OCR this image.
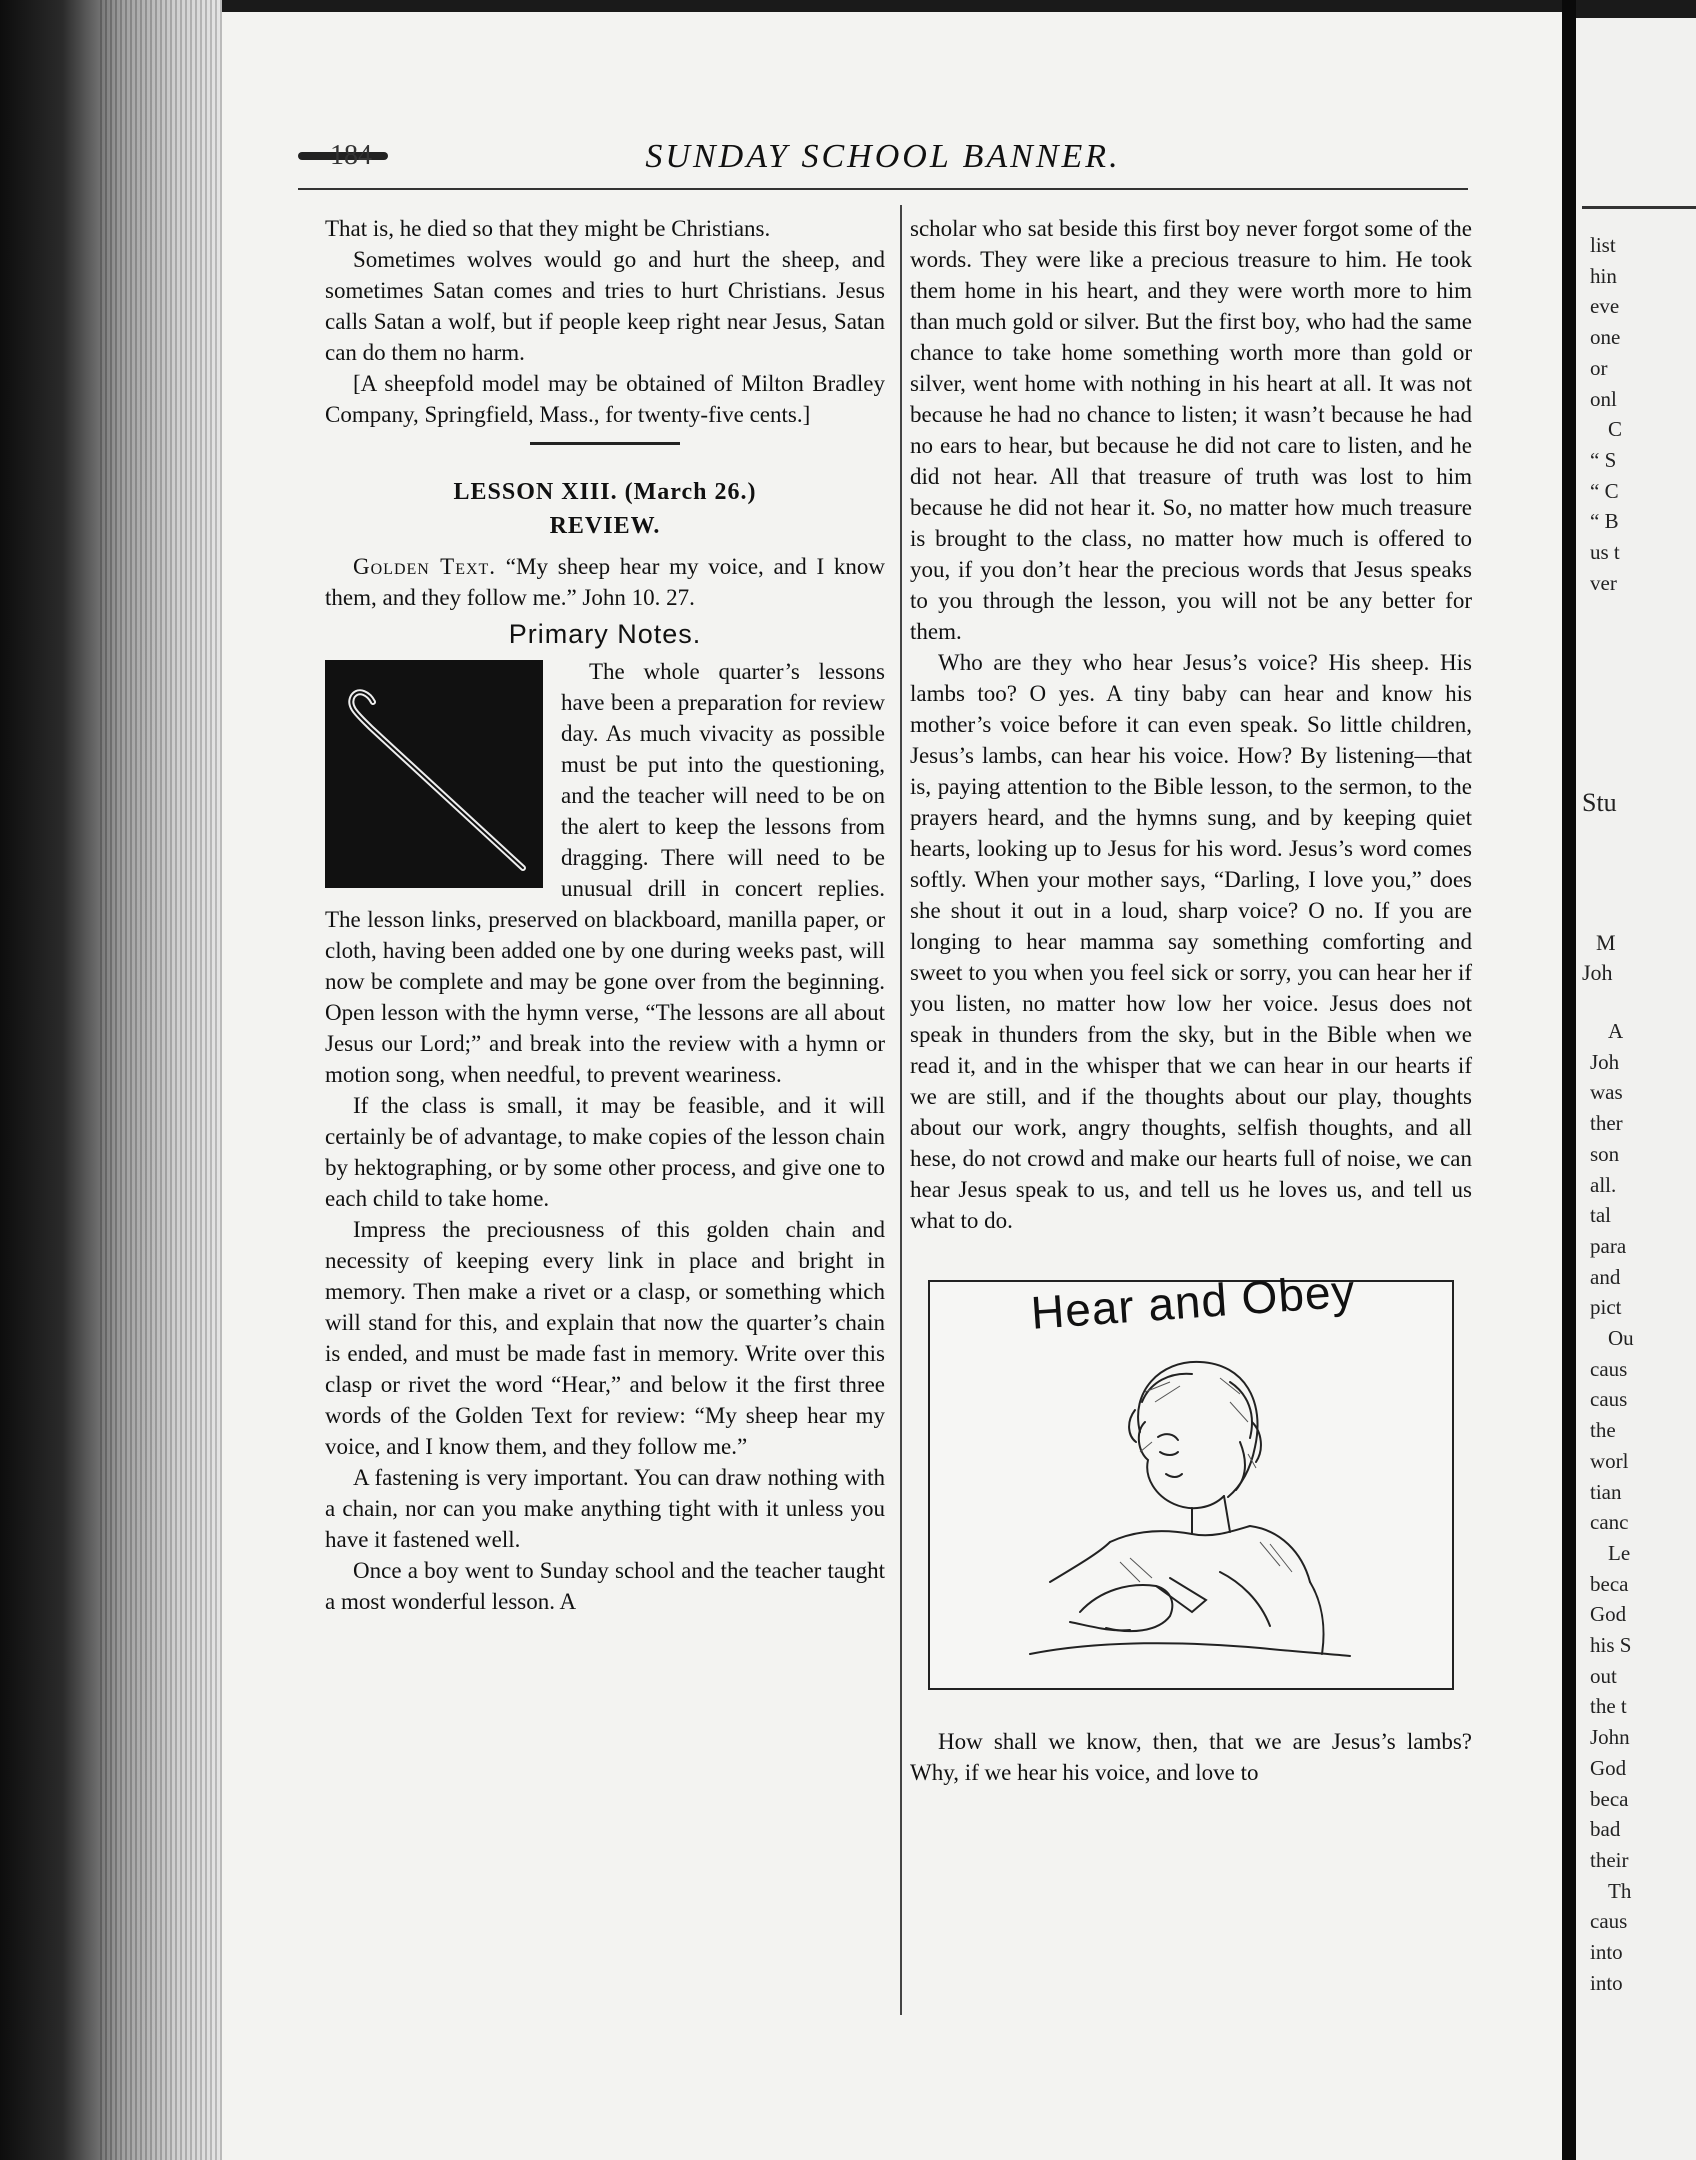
list
hin
eve
one
or
onl
C
“ S
“ C
“ B
us t
ver
Stu
M
Joh
A
Joh
was
ther
son
all.
tal
para
and
pict
Ou
caus
caus
the
worl
tian
canc
Le
beca
God
his S
out
the t
John
God
beca
bad
their
Th
caus
into
into
184	SUNDAY SCHOOL BANNER.

That is, he died so that they might be Christians.

Sometimes wolves would go and hurt the sheep, and sometimes Satan comes and tries to hurt Christians. Jesus calls Satan a wolf, but if people keep right near Jesus, Satan can do them no harm.

[A sheepfold model may be obtained of Milton Bradley Company, Springfield, Mass., for twenty-five cents.]

LESSON XIII. (March 26.)
REVIEW.

Golden Text. “My sheep hear my voice, and I know them, and they follow me.” John 10. 27.

Primary Notes.

The whole quarter’s lessons have been a preparation for review day. As much vivacity as possible must be put into the questioning, and the teacher will need to be on the alert to keep the lessons from dragging. There will need to be unusual drill in concert replies. The lesson links, preserved on blackboard, manilla paper, or cloth, having been added one by one during weeks past, will now be complete and may be gone over from the beginning. Open lesson with the hymn verse, “The lessons are all about Jesus our Lord;” and break into the review with a hymn or motion song, when needful, to prevent weariness.

If the class is small, it may be feasible, and it will certainly be of advantage, to make copies of the lesson chain by hektographing, or by some other process, and give one to each child to take home.

Impress the preciousness of this golden chain and necessity of keeping every link in place and bright in memory. Then make a rivet or a clasp, or something which will stand for this, and explain that now the quarter’s chain is ended, and must be made fast in memory. Write over this clasp or rivet the word “Hear,” and below it the first three words of the Golden Text for review: “My sheep hear my voice, and I know them, and they follow me.”

A fastening is very important. You can draw nothing with a chain, nor can you make anything tight with it unless you have it fastened well.

Once a boy went to Sunday school and the teacher taught a most wonderful lesson. A

scholar who sat beside this first boy never forgot some of the words. They were like a precious treasure to him. He took them home in his heart, and they were worth more to him than much gold or silver. But the first boy, who had the same chance to take home something worth more than gold or silver, went home with nothing in his heart at all. It was not because he had no chance to listen; it wasn’t because he had no ears to hear, but because he did not care to listen, and he did not hear. All that treasure of truth was lost to him because he did not hear it. So, no matter how much treasure is brought to the class, no matter how much is offered to you, if you don’t hear the precious words that Jesus speaks to you through the lesson, you will not be any better for them.

Who are they who hear Jesus’s voice? His sheep. His lambs too? O yes. A tiny baby can hear and know his mother’s voice before it can even speak. So little children, Jesus’s lambs, can hear his voice. How? By listening—that is, paying attention to the Bible lesson, to the sermon, to the prayers heard, and the hymns sung, and by keeping quiet hearts, looking up to Jesus for his word. Jesus’s word comes softly. When your mother says, “Darling, I love you,” does she shout it out in a loud, sharp voice? O no. If you are longing to hear mamma say something comforting and sweet to you when you feel sick or sorry, you can hear her if you listen, no matter how low her voice. Jesus does not speak in thunders from the sky, but in the Bible when we read it, and in the whisper that we can hear in our hearts if we are still, and if the thoughts about our play, thoughts about our work, angry thoughts, selfish thoughts, and all hese, do not crowd and make our hearts full of noise, we can hear Jesus speak to us, and tell us he loves us, and tell us what to do.

Hear and Obey

How shall we know, then, that we are Jesus’s lambs? Why, if we hear his voice, and love to
